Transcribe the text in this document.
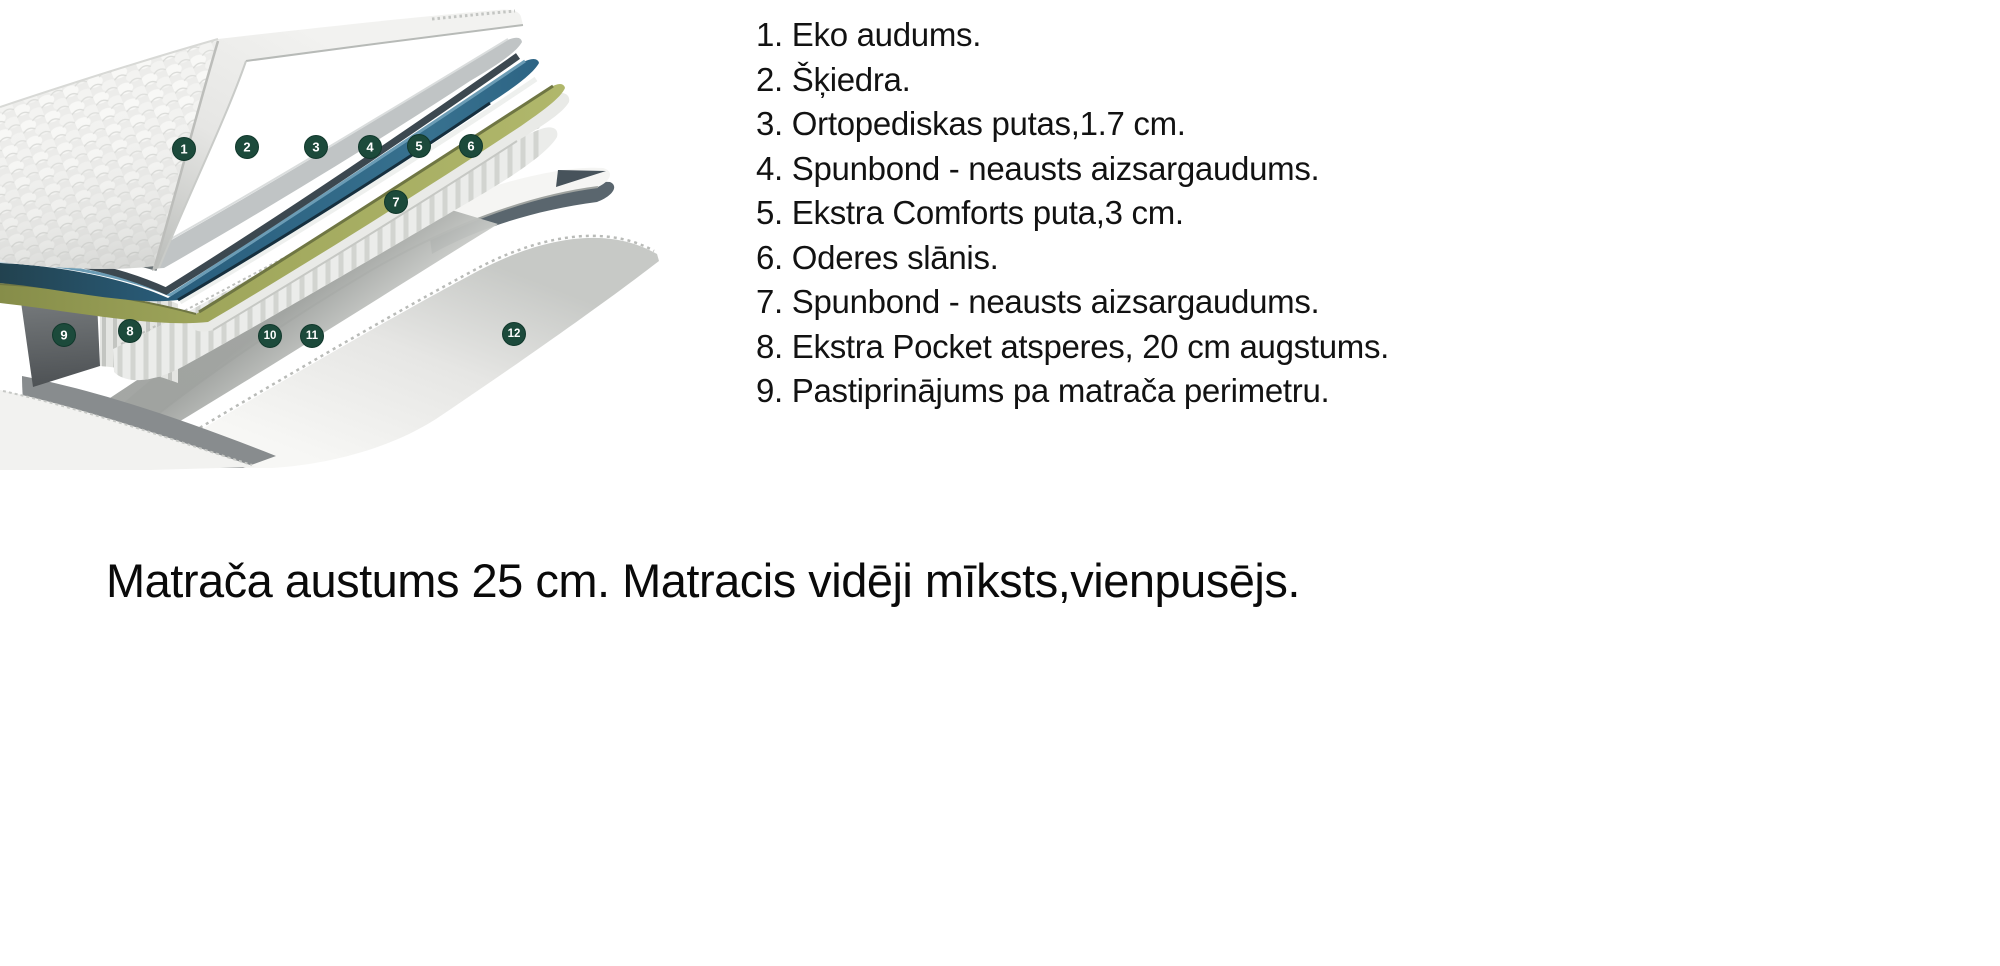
1	2	3	4	5	6
7
8
9	10	11	12
1. Eko audums.
2. Šķiedra.
3. Ortopediskas putas,1.7 cm.
4. Spunbond - neausts aizsargaudums.
5. Ekstra Comforts puta,3 cm.
6. Oderes slānis.
7. Spunbond - neausts aizsargaudums.
8. Ekstra Pocket atsperes, 20 cm augstums.
9. Pastiprinājums pa matrača perimetru.
Matrača austums 25 cm. Matracis vidēji mīksts,vienpusējs.
